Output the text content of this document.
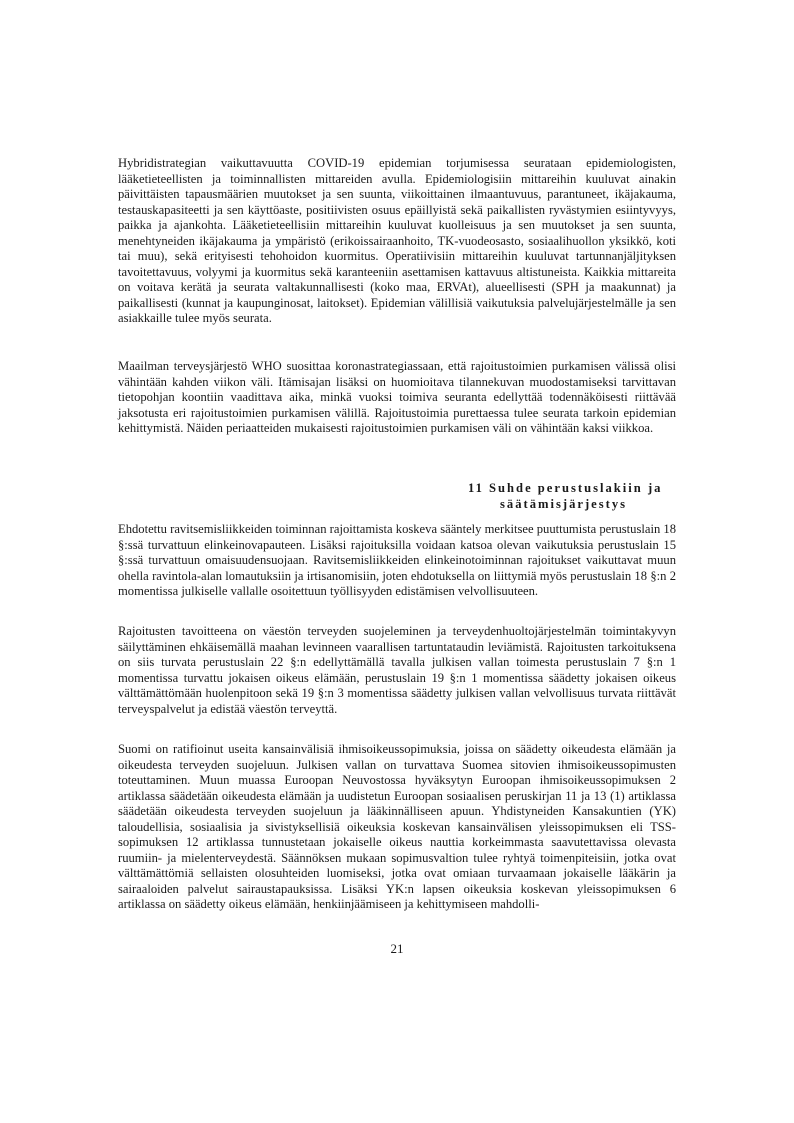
Hybridistrategian vaikuttavuutta COVID-19 epidemian torjumisessa seurataan epidemiologisten, lääketieteellisten ja toiminnallisten mittareiden avulla. Epidemiologisiin mittareihin kuuluvat ainakin päivittäisten tapausmäärien muutokset ja sen suunta, viikoittainen ilmaantuvuus, parantuneet, ikäjakauma, testauskapasiteetti ja sen käyttöaste, positiivisten osuus epäillyistä sekä paikallisten ryvästymien esiintyvyys, paikka ja ajankohta. Lääketieteellisiin mittareihin kuuluvat kuolleisuus ja sen muutokset ja sen suunta, menehtyneiden ikäjakauma ja ympäristö (erikoissairaanhoito, TK-vuodeosasto, sosiaalihuollon yksikkö, koti tai muu), sekä erityisesti tehohoidon kuormitus. Operatiivisiin mittareihin kuuluvat tartunnanjäljityksen tavoitettavuus, volyymi ja kuormitus sekä karanteeniin asettamisen kattavuus altistuneista. Kaikkia mittareita on voitava kerätä ja seurata valtakunnallisesti (koko maa, ERVAt), alueellisesti (SPH ja maakunnat) ja paikallisesti (kunnat ja kaupunginosat, laitokset). Epidemian välillisiä vaikutuksia palvelujärjestelmälle ja sen asiakkaille tulee myös seurata.

Maailman terveysjärjestö WHO suosittaa koronastrategiassaan, että rajoitustoimien purkamisen välissä olisi vähintään kahden viikon väli. Itämisajan lisäksi on huomioitava tilannekuvan muodostamiseksi tarvittavan tietopohjan koontiin vaadittava aika, minkä vuoksi toimiva seuranta edellyttää todennäköisesti riittävää jaksotusta eri rajoitustoimien purkamisen välillä. Rajoitustoimia purettaessa tulee seurata tarkoin epidemian kehittymistä. Näiden periaatteiden mukaisesti rajoitustoimien purkamisen väli on vähintään kaksi viikkoa.

11 Suhde perustuslakiin ja
säätämisjärjestys

Ehdotettu ravitsemisliikkeiden toiminnan rajoittamista koskeva sääntely merkitsee puuttumista perustuslain 18 §:ssä turvattuun elinkeinovapauteen. Lisäksi rajoituksilla voidaan katsoa olevan vaikutuksia perustuslain 15 §:ssä turvattuun omaisuudensuojaan. Ravitsemisliikkeiden elinkeinotoiminnan rajoitukset vaikuttavat muun ohella ravintola-alan lomautuksiin ja irtisanomisiin, joten ehdotuksella on liittymiä myös perustuslain 18 §:n 2 momentissa julkiselle vallalle osoitettuun työllisyyden edistämisen velvollisuuteen.

Rajoitusten tavoitteena on väestön terveyden suojeleminen ja terveydenhuoltojärjestelmän toimintakyvyn säilyttäminen ehkäisemällä maahan levinneen vaarallisen tartuntataudin leviämistä. Rajoitusten tarkoituksena on siis turvata perustuslain 22 §:n edellyttämällä tavalla julkisen vallan toimesta perustuslain 7 §:n 1 momentissa turvattu jokaisen oikeus elämään, perustuslain 19 §:n 1 momentissa säädetty jokaisen oikeus välttämättömään huolenpitoon sekä 19 §:n 3 momentissa säädetty julkisen vallan velvollisuus turvata riittävät terveyspalvelut ja edistää väestön terveyttä.

Suomi on ratifioinut useita kansainvälisiä ihmisoikeussopimuksia, joissa on säädetty oikeudesta elämään ja oikeudesta terveyden suojeluun. Julkisen vallan on turvattava Suomea sitovien ihmisoikeussopimusten toteuttaminen. Muun muassa Euroopan Neuvostossa hyväksytyn Euroopan ihmisoikeussopimuksen 2 artiklassa säädetään oikeudesta elämään ja uudistetun Euroopan sosiaalisen peruskirjan 11 ja 13 (1) artiklassa säädetään oikeudesta terveyden suojeluun ja lääkinnälliseen apuun. Yhdistyneiden Kansakuntien (YK) taloudellisia, sosiaalisia ja sivistyksellisiä oikeuksia koskevan kansainvälisen yleissopimuksen eli TSS-sopimuksen 12 artiklassa tunnustetaan jokaiselle oikeus nauttia korkeimmasta saavutettavissa olevasta ruumiin- ja mielenterveydestä. Säännöksen mukaan sopimusvaltion tulee ryhtyä toimenpiteisiin, jotka ovat välttämättömiä sellaisten olosuhteiden luomiseksi, jotka ovat omiaan turvaamaan jokaiselle lääkärin ja sairaaloiden palvelut sairaustapauksissa. Lisäksi YK:n lapsen oikeuksia koskevan yleissopimuksen 6 artiklassa on säädetty oikeus elämään, henkiinjäämiseen ja kehittymiseen mahdolli-

21
